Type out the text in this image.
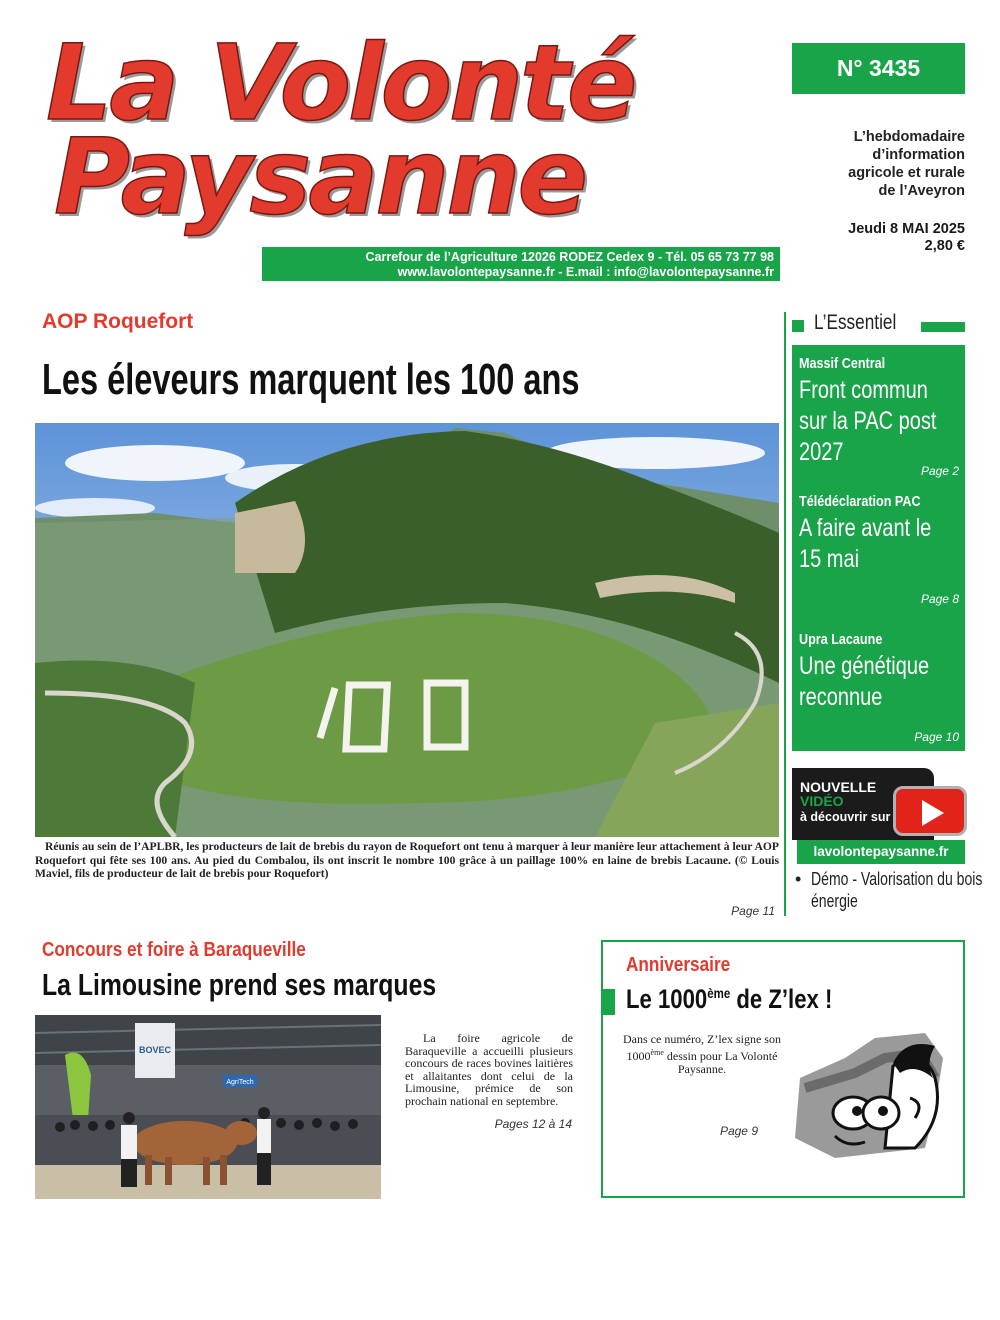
La Volonté
Paysanne
Carrefour de l’Agriculture 12026 RODEZ Cedex 9 - Tél. 05 65 73 77 98
www.lavolontepaysanne.fr - E.mail : info@lavolontepaysanne.fr
N° 3435
L’hebdomadaire
d’information
agricole et rurale
de l’Aveyron
Jeudi 8 MAI 2025
2,80 €
AOP Roquefort
Les éleveurs marquent les 100 ans
Réunis au sein de l’APLBR, les producteurs de lait de brebis du rayon de Roquefort ont tenu à marquer à leur manière leur attachement à leur AOP Roquefort qui fête ses 100 ans. Au pied du Combalou, ils ont inscrit le nombre 100 grâce à un paillage 100% en laine de brebis Lacaune. (© Louis Maviel, fils de producteur de lait de brebis pour Roquefort)
Page 11
L’Essentiel
Massif Central
Front commun sur la PAC post 2027
Page 2
Télédéclaration PAC
A faire avant le 15 mai
Page 8
Upra Lacaune
Une génétique reconnue
Page 10
NOUVELLE
VIDÉO
à découvrir sur
lavolontepaysanne.fr
• Démo - Valorisation du bois énergie
Concours et foire à Baraqueville
La Limousine prend ses marques
BOVEC
AgriTech
La foire agricole de Baraqueville a accueilli plusieurs concours de races bovines laitières et allaitantes dont celui de la Limousine, prémice de son prochain national en septembre.
Pages 12 à 14
Anniversaire
Le 1000ème de Z’lex !
Dans ce numéro, Z’lex signe son 1000ème dessin pour La Volonté Paysanne.
Page 9
